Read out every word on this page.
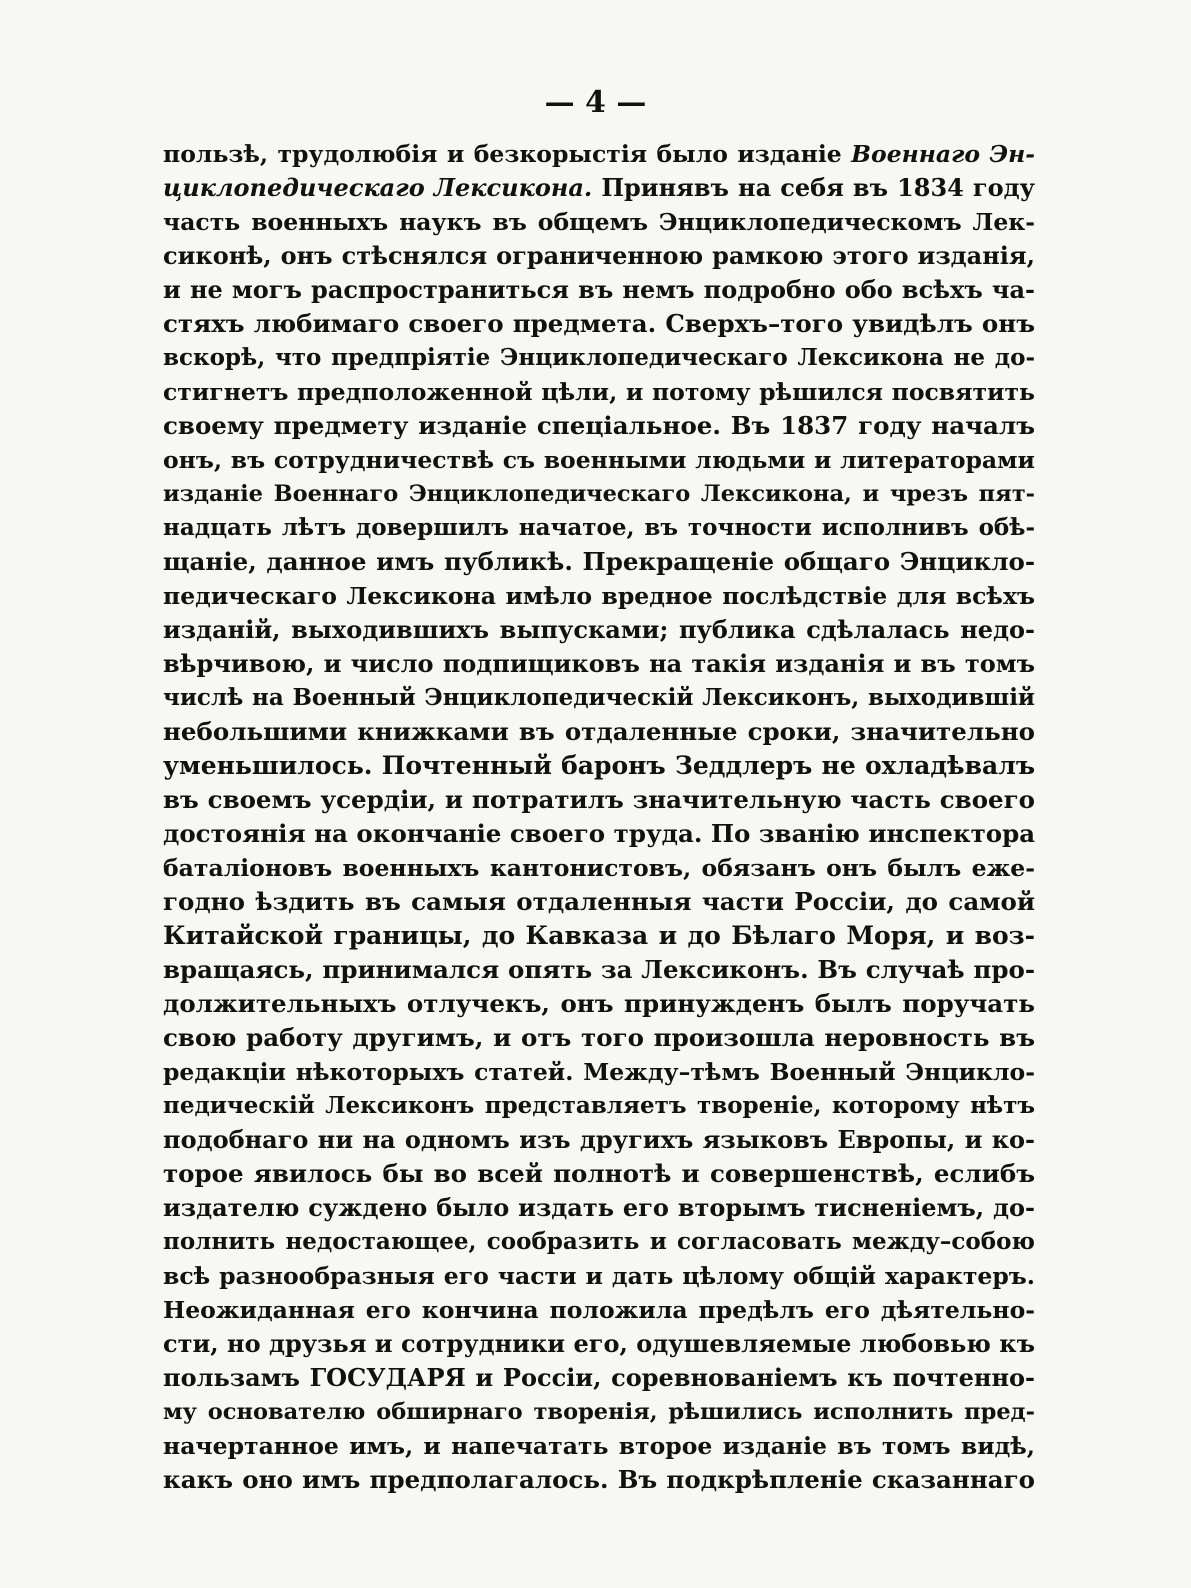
— 4 —
пользѣ, трудолюбія и безкорыстія было изданіе Военнаго Эн-
циклопедическаго Лексикона. Принявъ на себя въ 1834 году
часть военныхъ наукъ въ общемъ Энциклопедическомъ Лек-
сиконѣ, онъ стѣснялся ограниченною рамкою этого изданія,
и не могъ распространиться въ немъ подробно обо всѣхъ ча-
стяхъ любимаго своего предмета. Сверхъ–того увидѣлъ онъ
вскорѣ, что предпріятіе Энциклопедическаго Лексикона не до-
стигнетъ предположенной цѣли, и потому рѣшился посвятить
своему предмету изданіе спеціальное. Въ 1837 году началъ
онъ, въ сотрудничествѣ съ военными людьми и литераторами
изданіе Военнаго Энциклопедическаго Лексикона, и чрезъ пят-
надцать лѣтъ довершилъ начатое, въ точности исполнивъ обѣ-
щаніе, данное имъ публикѣ. Прекращеніе общаго Энцикло-
педическаго Лексикона имѣло вредное послѣдствіе для всѣхъ
изданій, выходившихъ выпусками; публика сдѣлалась недо-
вѣрчивою, и число подпищиковъ на такія изданія и въ томъ
числѣ на Военный Энциклопедическій Лексиконъ, выходившій
небольшими книжками въ отдаленные сроки, значительно
уменьшилось. Почтенный баронъ Зеддлеръ не охладѣвалъ
въ своемъ усердіи, и потратилъ значительную часть своего
достоянія на окончаніе своего труда. По званію инспектора
баталіоновъ военныхъ кантонистовъ, обязанъ онъ былъ еже-
годно ѣздить въ самыя отдаленныя части Россіи, до самой
Китайской границы, до Кавказа и до Бѣлаго Моря, и воз-
вращаясь, принимался опять за Лексиконъ. Въ случаѣ про-
должительныхъ отлучекъ, онъ принужденъ былъ поручать
свою работу другимъ, и отъ того произошла неровность въ
редакціи нѣкоторыхъ статей. Между–тѣмъ Военный Энцикло-
педическій Лексиконъ представляетъ твореніе, которому нѣтъ
подобнаго ни на одномъ изъ другихъ языковъ Европы, и ко-
торое явилось бы во всей полнотѣ и совершенствѣ, еслибъ
издателю суждено было издать его вторымъ тисненіемъ, до-
полнить недостающее, сообразить и согласовать между–собою
всѣ разнообразныя его части и дать цѣлому общій характеръ.
Неожиданная его кончина положила предѣлъ его дѣятельно-
сти, но друзья и сотрудники его, одушевляемые любовью къ
пользамъ ГОСУДАРЯ и Россіи, соревнованіемъ къ почтенно-
му основателю обширнаго творенія, рѣшились исполнить пред-
начертанное имъ, и напечатать второе изданіе въ томъ видѣ,
какъ оно имъ предполагалось. Въ подкрѣпленіе сказаннаго
